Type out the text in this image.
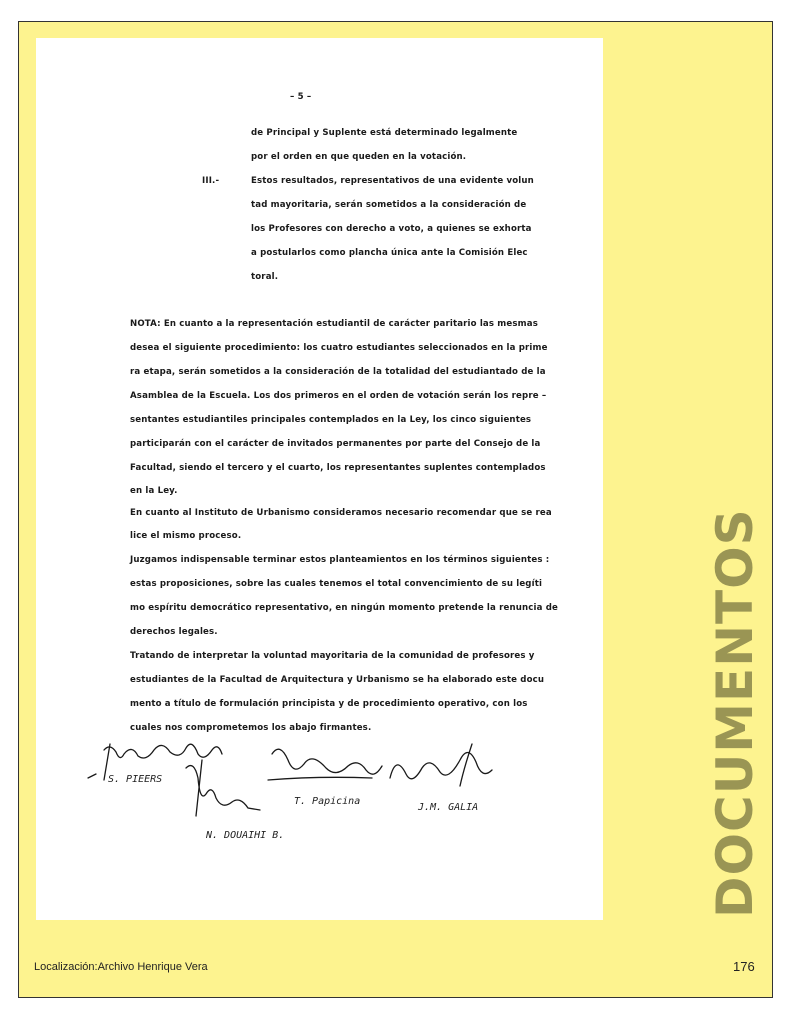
– 5 –
de Principal y Suplente está determinado legalmente
por el orden en que queden en la votación.
III.-	Estos resultados, representativos de una evidente volun
tad mayoritaria, serán sometidos a la consideración de
los Profesores con derecho a voto, a quienes se exhorta
a postularlos como plancha única ante la Comisión Elec
toral.
NOTA: En cuanto a la representación estudiantil de carácter paritario las mesmas
desea el siguiente procedimiento: los cuatro estudiantes seleccionados en la prime
ra etapa, serán sometidos a la consideración de la totalidad del estudiantado de la
Asamblea de la Escuela. Los dos primeros en el orden de votación serán los repre –
sentantes estudiantiles principales contemplados en la Ley, los cinco siguientes
participarán con el carácter de invitados permanentes por parte del Consejo de la
Facultad, siendo el tercero y el cuarto, los representantes suplentes contemplados
en la Ley.
En cuanto al Instituto de Urbanismo consideramos necesario recomendar que se rea
lice el mismo proceso.
Juzgamos indispensable terminar estos planteamientos en los términos siguientes :
estas proposiciones, sobre las cuales tenemos el total convencimiento de su legíti
mo espíritu democrático representativo, en ningún momento pretende la renuncia de
derechos legales.
Tratando de interpretar la voluntad mayoritaria de la comunidad de profesores y
estudiantes de la Facultad de Arquitectura y Urbanismo se ha elaborado este docu
mento a título de formulación principista y de procedimiento operativo, con los
cuales nos comprometemos los abajo firmantes.
S. PIEERS
T. Papicina
J.M. GALIA
N. DOUAIHI B.	DOCUMENTOS
Localización:Archivo Henrique Vera	176
